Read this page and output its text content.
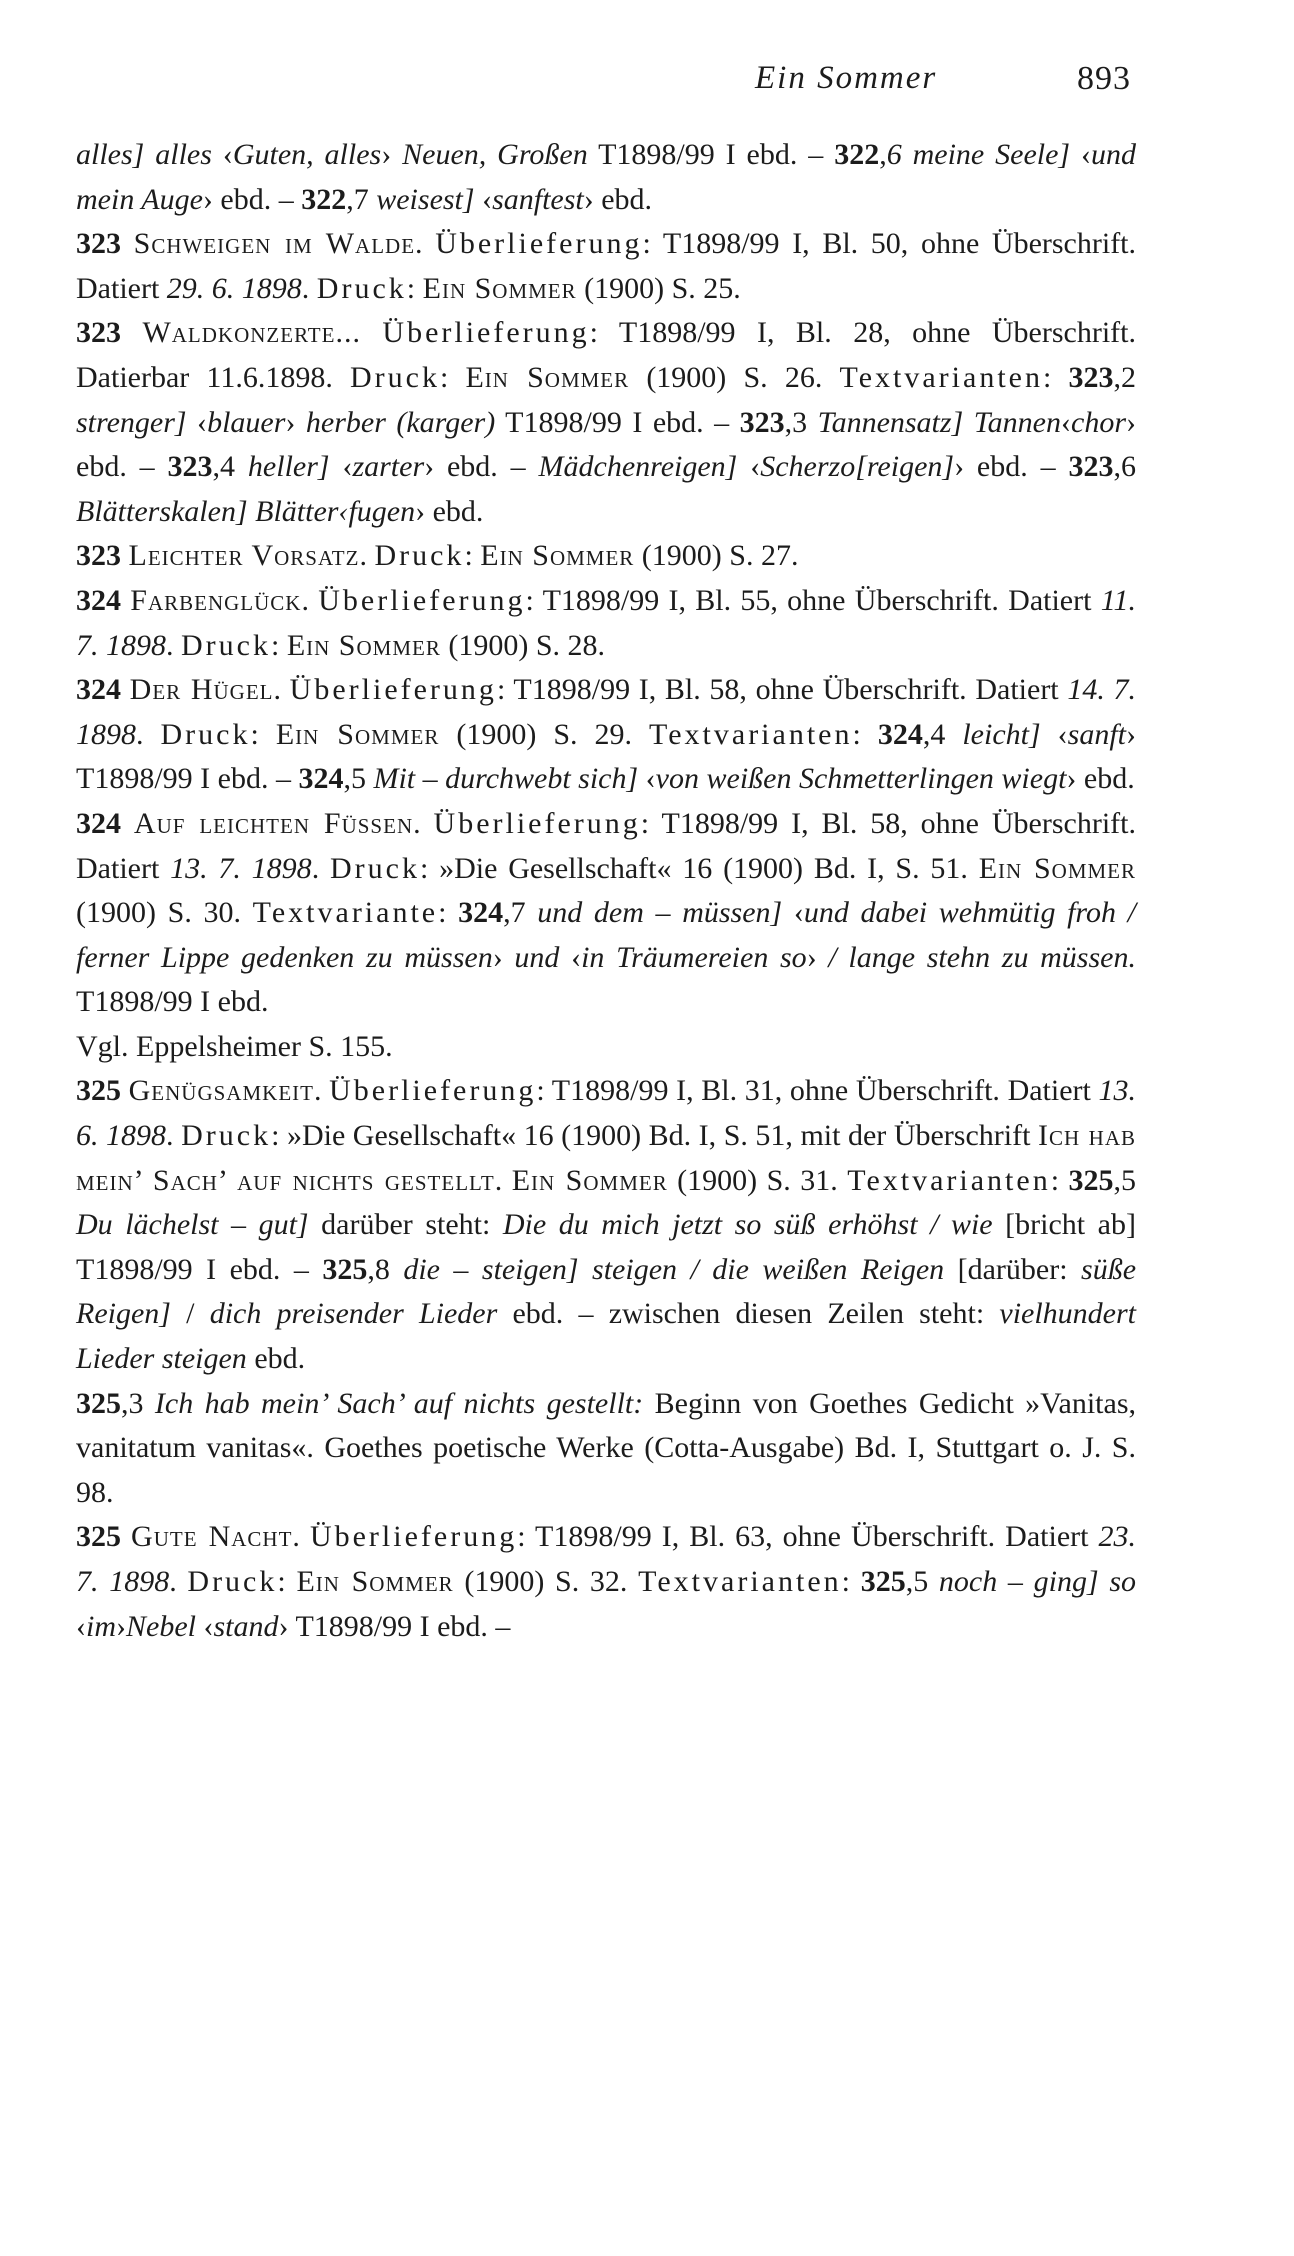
Ein Sommer	893

alles] alles ‹Guten, alles› Neuen, Großen T1898/99 I ebd. – 322,6 meine Seele] ‹und mein Auge› ebd. – 322,7 weisest] ‹sanftest› ebd.

323 Schweigen im Walde. Überlieferung: T1898/99 I, Bl. 50, ohne Überschrift. Datiert 29. 6. 1898. Druck: Ein Sommer (1900) S. 25.

323 Waldkonzerte... Überlieferung: T1898/99 I, Bl. 28, ohne Überschrift. Datierbar 11.6.1898. Druck: Ein Sommer (1900) S. 26. Textvarianten: 323,2 strenger] ‹blauer› herber (karger) T1898/99 I ebd. – 323,3 Tannensatz] Tannen‹chor› ebd. – 323,4 heller] ‹zarter› ebd. – Mädchenreigen] ‹Scherzo[reigen]› ebd. – 323,6 Blätterskalen] Blätter‹fugen› ebd.

323 Leichter Vorsatz. Druck: Ein Sommer (1900) S. 27.

324 Farbenglück. Überlieferung: T1898/99 I, Bl. 55, ohne Überschrift. Datiert 11. 7. 1898. Druck: Ein Sommer (1900) S. 28.

324 Der Hügel. Überlieferung: T1898/99 I, Bl. 58, ohne Überschrift. Datiert 14. 7. 1898. Druck: Ein Sommer (1900) S. 29. Textvarianten: 324,4 leicht] ‹sanft› T1898/99 I ebd. – 324,5 Mit – durchwebt sich] ‹von weißen Schmetterlingen wiegt› ebd.

324 Auf leichten Füssen. Überlieferung: T1898/99 I, Bl. 58, ohne Überschrift. Datiert 13. 7. 1898. Druck: »Die Gesellschaft« 16 (1900) Bd. I, S. 51. Ein Sommer (1900) S. 30. Textvariante: 324,7 und dem – müssen] ‹und dabei wehmütig froh / ferner Lippe gedenken zu müssen› und ‹in Träumereien so› / lange stehn zu müssen. T1898/99 I ebd.

Vgl. Eppelsheimer S. 155.

325 Genügsamkeit. Überlieferung: T1898/99 I, Bl. 31, ohne Überschrift. Datiert 13. 6. 1898. Druck: »Die Gesellschaft« 16 (1900) Bd. I, S. 51, mit der Überschrift Ich hab mein’ Sach’ auf nichts gestellt. Ein Sommer (1900) S. 31. Textvarianten: 325,5 Du lächelst – gut] darüber steht: Die du mich jetzt so süß erhöhst / wie [bricht ab] T1898/99 I ebd. – 325,8 die – steigen] steigen / die weißen Reigen [darüber: süße Reigen] / dich preisender Lieder ebd. – zwischen diesen Zeilen steht: vielhundert Lieder steigen ebd.

325,3 Ich hab mein’ Sach’ auf nichts gestellt: Beginn von Goethes Gedicht »Vanitas, vanitatum vanitas«. Goethes poetische Werke (Cotta-Ausgabe) Bd. I, Stuttgart o. J. S. 98.

325 Gute Nacht. Überlieferung: T1898/99 I, Bl. 63, ohne Überschrift. Datiert 23. 7. 1898. Druck: Ein Sommer (1900) S. 32. Textvarianten: 325,5 noch – ging] so ‹im›Nebel ‹stand› T1898/99 I ebd. –
